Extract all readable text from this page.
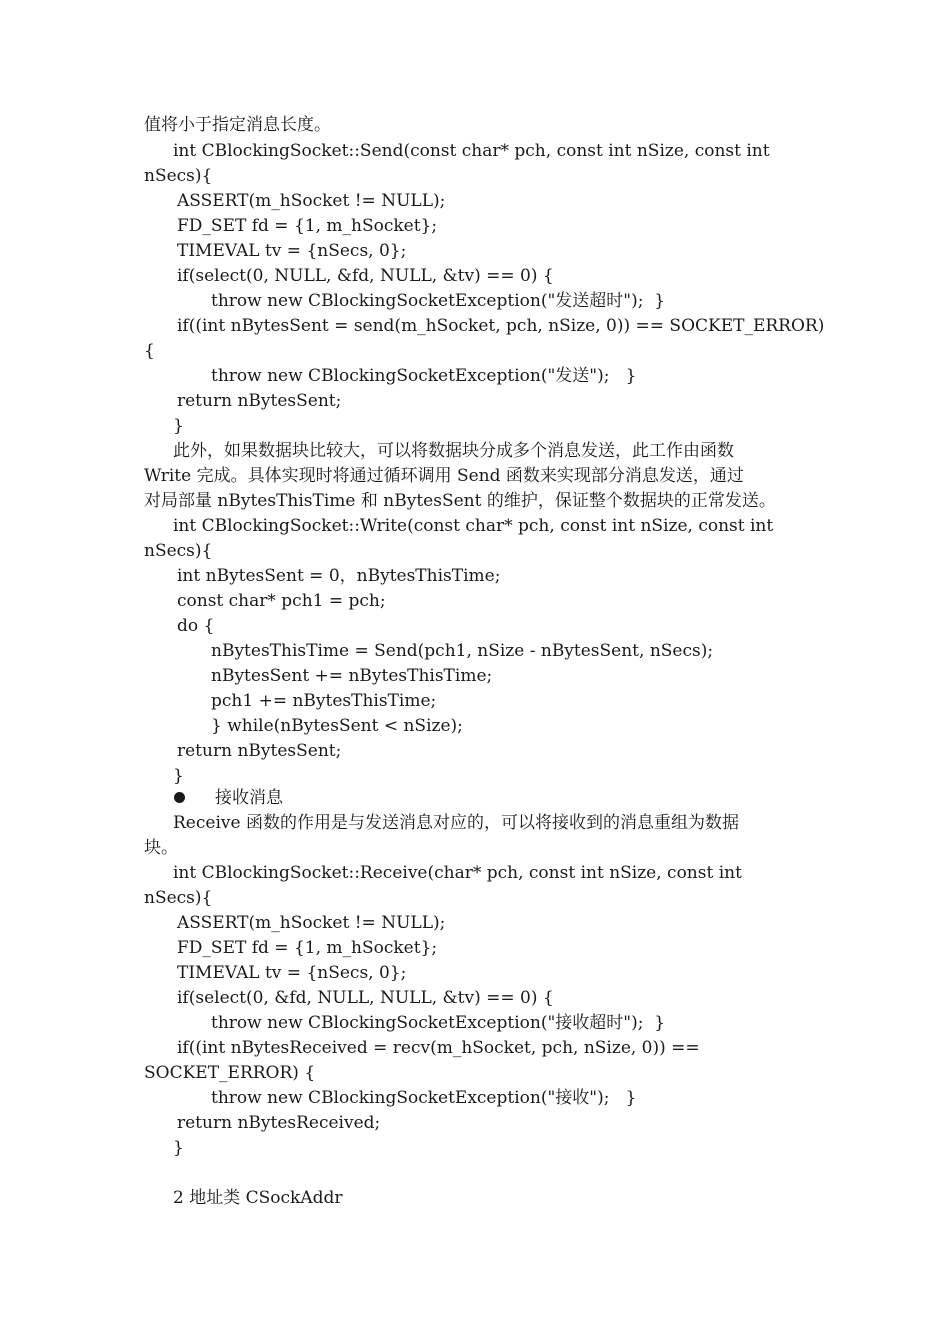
值将小于指定消息长度。
int CBlockingSocket::Send(const char* pch, const int nSize, const int
nSecs){
ASSERT(m_hSocket != NULL);
FD_SET fd = {1, m_hSocket};
TIMEVAL tv = {nSecs, 0};
if(select(0, NULL, &fd, NULL, &tv) == 0) {
throw new CBlockingSocketException("发送超时");  }
if((int nBytesSent = send(m_hSocket, pch, nSize, 0)) == SOCKET_ERROR)
{
throw new CBlockingSocketException("发送");   }
return nBytesSent;
}
此外，如果数据块比较大，可以将数据块分成多个消息发送，此工作由函数
Write 完成。具体实现时将通过循环调用 Send 函数来实现部分消息发送，通过
对局部量 nBytesThisTime 和 nBytesSent 的维护，保证整个数据块的正常发送。
int CBlockingSocket::Write(const char* pch, const int nSize, const int
nSecs){
int nBytesSent = 0，nBytesThisTime;
const char* pch1 = pch;
do {
nBytesThisTime = Send(pch1, nSize - nBytesSent, nSecs);
nBytesSent += nBytesThisTime;
pch1 += nBytesThisTime;
} while(nBytesSent < nSize);
return nBytesSent;
}
接收消息
Receive 函数的作用是与发送消息对应的，可以将接收到的消息重组为数据
块。
int CBlockingSocket::Receive(char* pch, const int nSize, const int
nSecs){
ASSERT(m_hSocket != NULL);
FD_SET fd = {1, m_hSocket};
TIMEVAL tv = {nSecs, 0};
if(select(0, &fd, NULL, NULL, &tv) == 0) {
throw new CBlockingSocketException("接收超时");  }
if((int nBytesReceived = recv(m_hSocket, pch, nSize, 0)) ==
SOCKET_ERROR) {
throw new CBlockingSocketException("接收");   }
return nBytesReceived;
}
2 地址类 CSockAddr
